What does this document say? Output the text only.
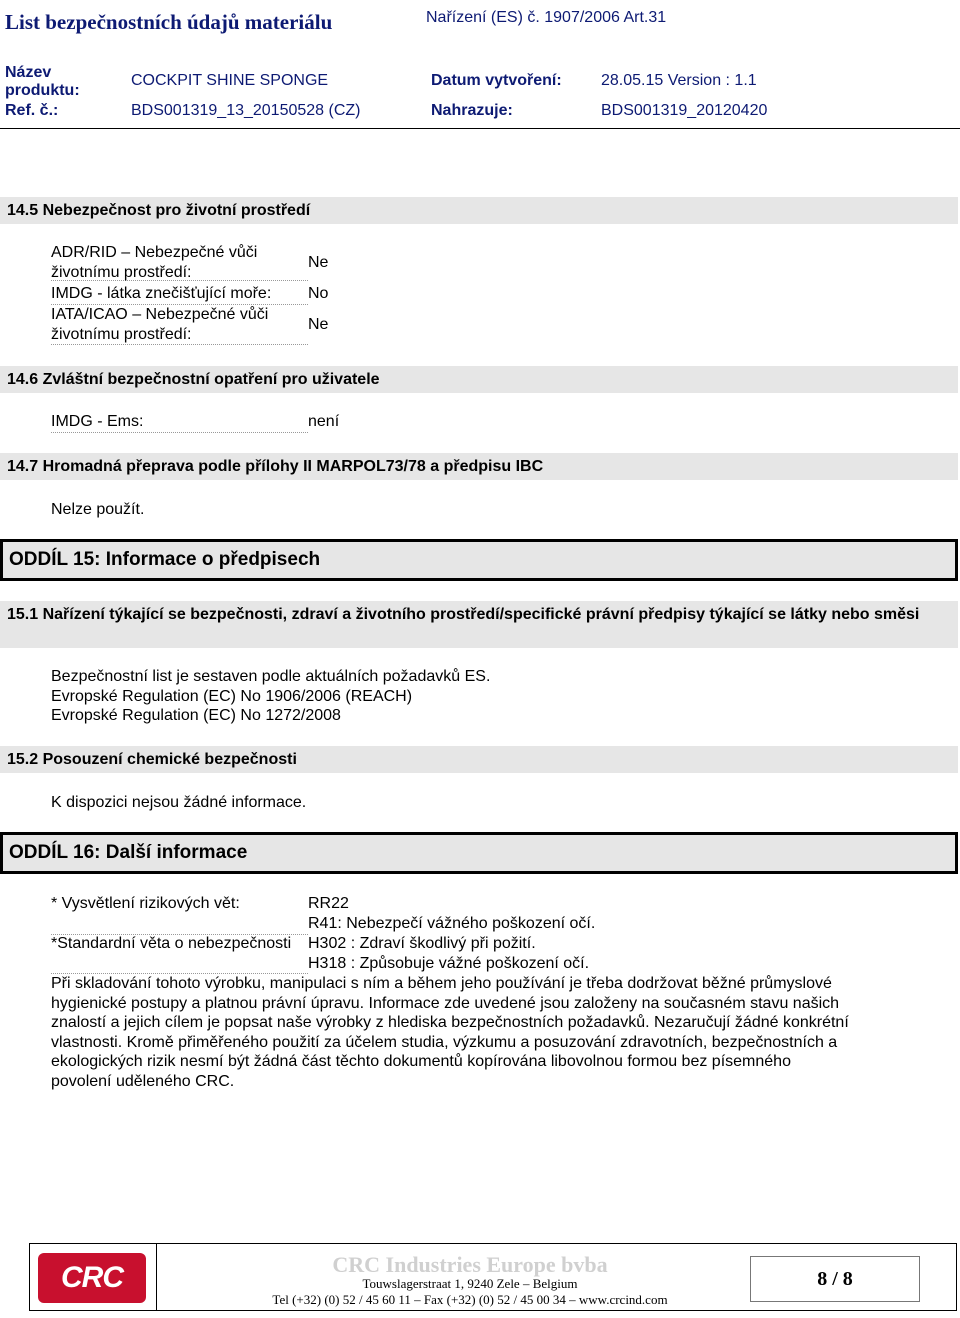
List bezpečnostních údajů materiálu	Nařízení (ES) č. 1907/2006 Art.31
Název
produktu:
COCKPIT SHINE SPONGE	Datum vytvoření: 28.05.15 Version : 1.1
Ref. č.:	BDS001319_13_20150528 (CZ)	Nahrazuje:	BDS001319_20120420
14.5 Nebezpečnost pro životní prostředí
ADR/RID – Nebezpečné vůči
životnímu prostředí:
Ne
IMDG - látka znečišťující moře:	No
IATA/ICAO – Nebezpečné vůči
životnímu prostředí:
Ne
14.6 Zvláštní bezpečnostní opatření pro uživatele
IMDG - Ems:	není
14.7 Hromadná přeprava podle přílohy II MARPOL73/78 a předpisu IBC
Nelze použít.
ODDÍL 15: Informace o předpisech
15.1 Nařízení týkající se bezpečnosti, zdraví a životního prostředí/specifické právní předpisy týkající se látky nebo směsi
Bezpečnostní list je sestaven podle aktuálních požadavků ES.
Evropské Regulation (EC) No 1906/2006 (REACH)
Evropské Regulation (EC) No 1272/2008
15.2 Posouzení chemické bezpečnosti
K dispozici nejsou žádné informace.
ODDÍL 16: Další informace
* Vysvětlení rizikových vět:	RR22
R41: Nebezpečí vážného poškození očí.
*Standardní věta o nebezpečnosti H302 : Zdraví škodlivý při požití.
H318 : Způsobuje vážné poškození očí.
Při skladování tohoto výrobku, manipulaci s ním a během jeho používání je třeba dodržovat běžné průmyslové
hygienické postupy a platnou právní úpravu. Informace zde uvedené jsou založeny na současném stavu našich
znalostí a jejich cílem je popsat naše výrobky z hlediska bezpečnostních požadavků. Nezaručují žádné konkrétní
vlastnosti. Kromě přiměřeného použití za účelem studia, výzkumu a posuzování zdravotních, bezpečnostních a
ekologických rizik nesmí být žádná část těchto dokumentů kopírována libovolnou formou bez písemného
povolení uděleného CRC.
CRC	CRC Industries Europe bvba
Touwslagerstraat 1, 9240 Zele – Belgium
Tel (+32) (0) 52 / 45 60 11 – Fax (+32) (0) 52 / 45 00 34 – www.crcind.com
8 / 8
